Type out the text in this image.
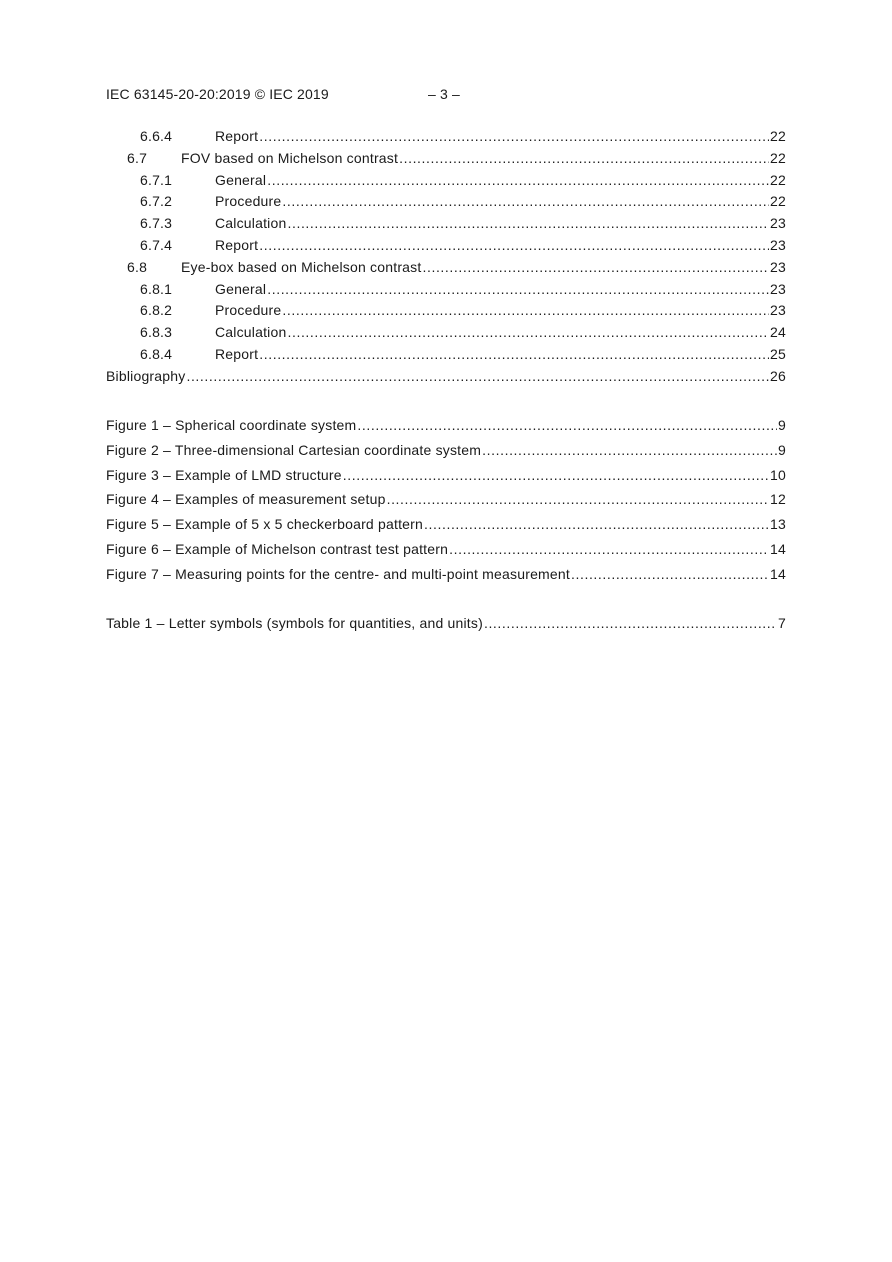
IEC 63145-20-20:2019 © IEC 2019	– 3 –
6.6.4	Report .....	22
6.7	FOV based on Michelson contrast .....	22
6.7.1	General .....	22
6.7.2	Procedure .....	22
6.7.3	Calculation .....	23
6.7.4	Report .....	23
6.8	Eye-box based on Michelson contrast .....	23
6.8.1	General .....	23
6.8.2	Procedure .....	23
6.8.3	Calculation .....	24
6.8.4	Report .....	25
Bibliography .....	26
Figure 1 – Spherical coordinate system .....	9
Figure 2 – Three-dimensional Cartesian coordinate system .....	9
Figure 3 – Example of LMD structure .....	10
Figure 4 – Examples of measurement setup .....	12
Figure 5 – Example of 5 x 5 checkerboard pattern .....	13
Figure 6 – Example of Michelson contrast test pattern .....	14
Figure 7 – Measuring points for the centre- and multi-point measurement .....	14
Table 1 – Letter symbols (symbols for quantities, and units) .....	7
